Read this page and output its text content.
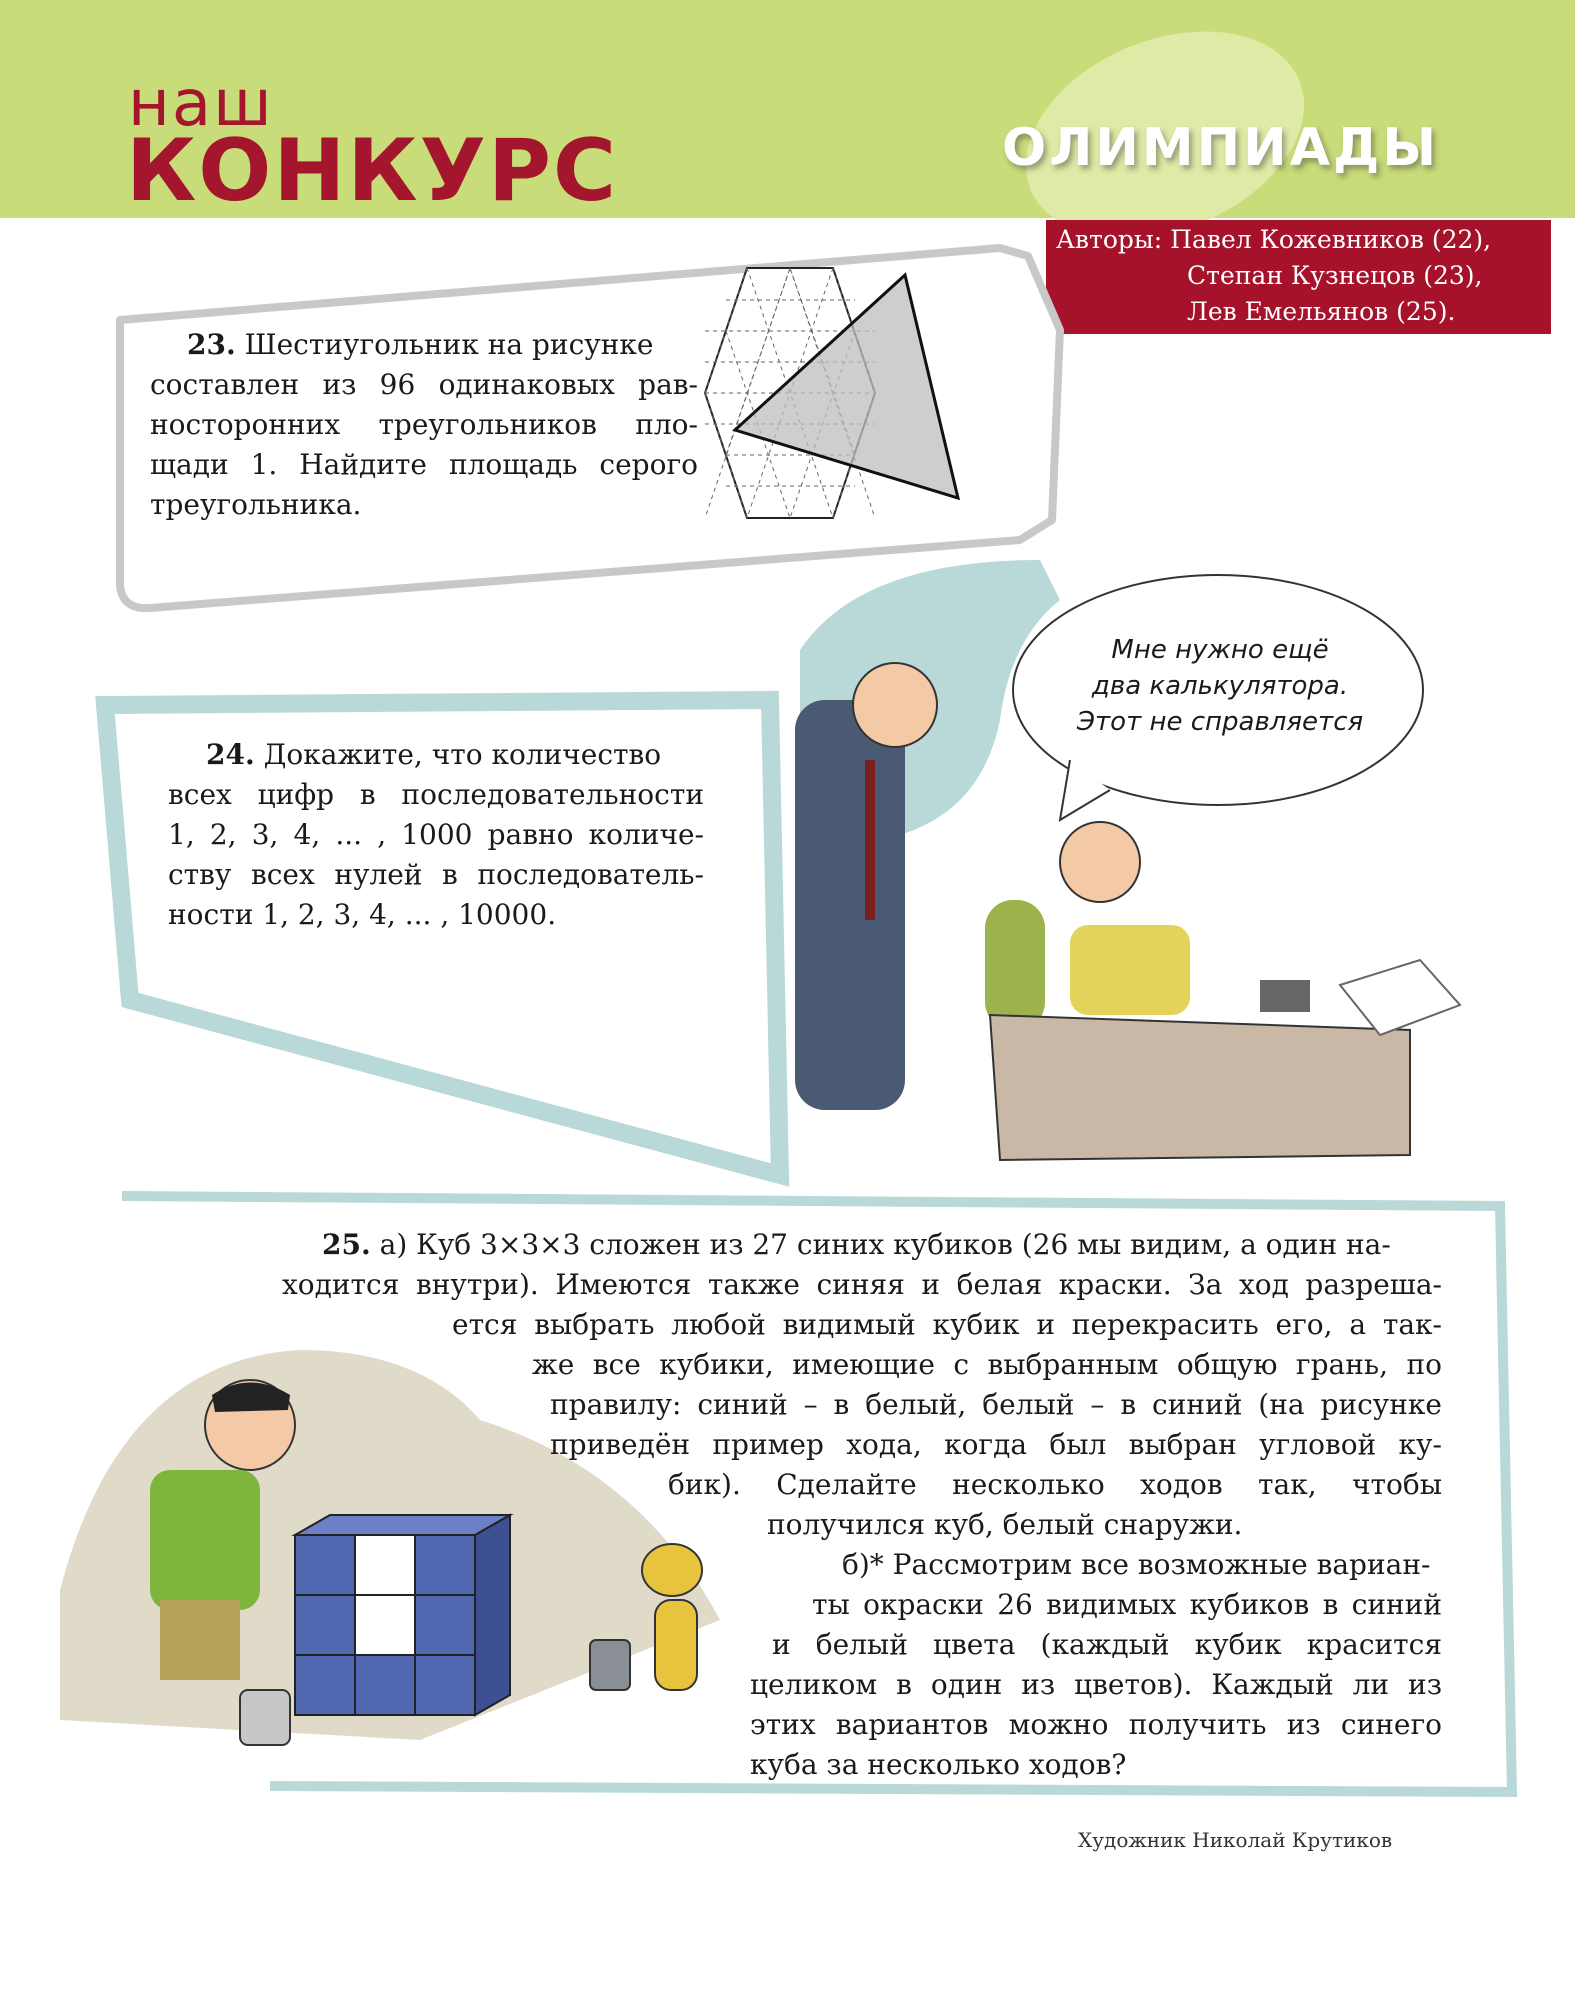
наш
КОНКУРС	ОЛИМПИАДЫ
Авторы: Павел Кожевников (22),
Степан Кузнецов (23),
Лев Емельянов (25).
23. Шестиугольник на рисунке
составлен из 96 одинаковых рав-
носторонних треугольников пло-
щади 1. Найдите площадь серого
треугольника.
24. Докажите, что количество
всех цифр в последовательности
1, 2, 3, 4, ... , 1000 равно количе-
ству всех нулей в последователь-
ности 1, 2, 3, 4, ... , 10000.
Мне нужно ещё
два калькулятора.
Этот не справляется
25. а) Куб 3×3×3 сложен из 27 синих кубиков (26 мы видим, а один на-
ходится внутри). Имеются также синяя и белая краски. За ход разреша-
ется выбрать любой видимый кубик и перекрасить его, а так-
же все кубики, имеющие с выбранным общую грань, по
правилу: синий – в белый, белый – в синий (на рисунке
приведён пример хода, когда был выбран угловой ку-
бик). Сделайте несколько ходов так, чтобы
получился куб, белый снаружи.
б)* Рассмотрим все возможные вариан-
ты окраски 26 видимых кубиков в синий
и белый цвета (каждый кубик красится
целиком в один из цветов). Каждый ли из
этих вариантов можно получить из синего
куба за несколько ходов?
Художник Николай Крутиков
